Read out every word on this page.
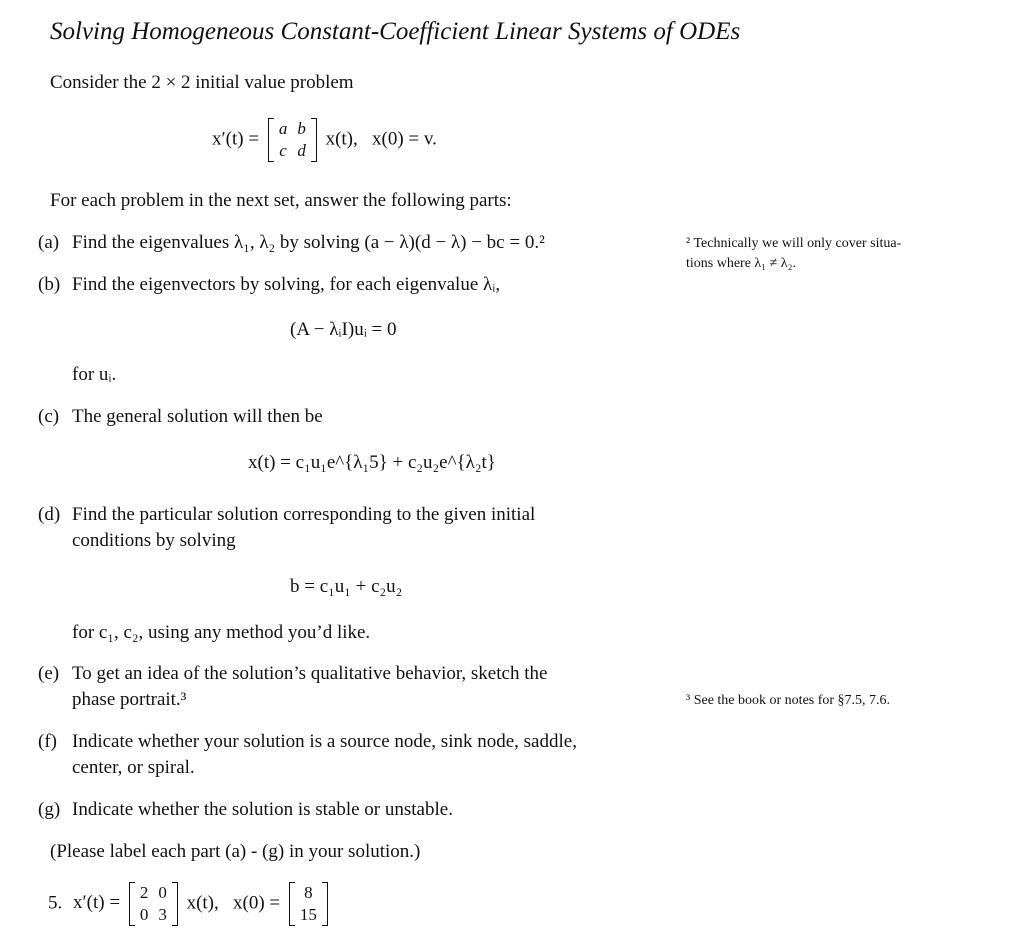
Solving Homogeneous Constant-Coefficient Linear Systems of ODEs
Consider the 2 × 2 initial value problem
x′(t) = a	b
c	d
x(t),   x(0) = v.
For each problem in the next set, answer the following parts:
(a) Find the eigenvalues λ₁, λ₂ by solving (a − λ)(d − λ) − bc = 0.²
(b) Find the eigenvectors by solving, for each eigenvalue λᵢ,
(A − λᵢI)uᵢ = 0
for uᵢ.
(c) The general solution will then be
x(t) = c₁u₁e^{λ₁5} + c₂u₂e^{λ₂t}
(d) Find the particular solution corresponding to the given initial
conditions by solving
b = c₁u₁ + c₂u₂
for c₁, c₂, using any method you’d like.
(e) To get an idea of the solution’s qualitative behavior, sketch the
phase portrait.³
(f) Indicate whether your solution is a source node, sink node, saddle,
center, or spiral.
(g) Indicate whether the solution is stable or unstable.
(Please label each part (a) - (g) in your solution.)
5. x′(t) = 2	0
0	3
x(t),   x(0) = 8
15
² Technically we will only cover situa-
tions where λ₁ ≠ λ₂.
³ See the book or notes for §7.5, 7.6.
